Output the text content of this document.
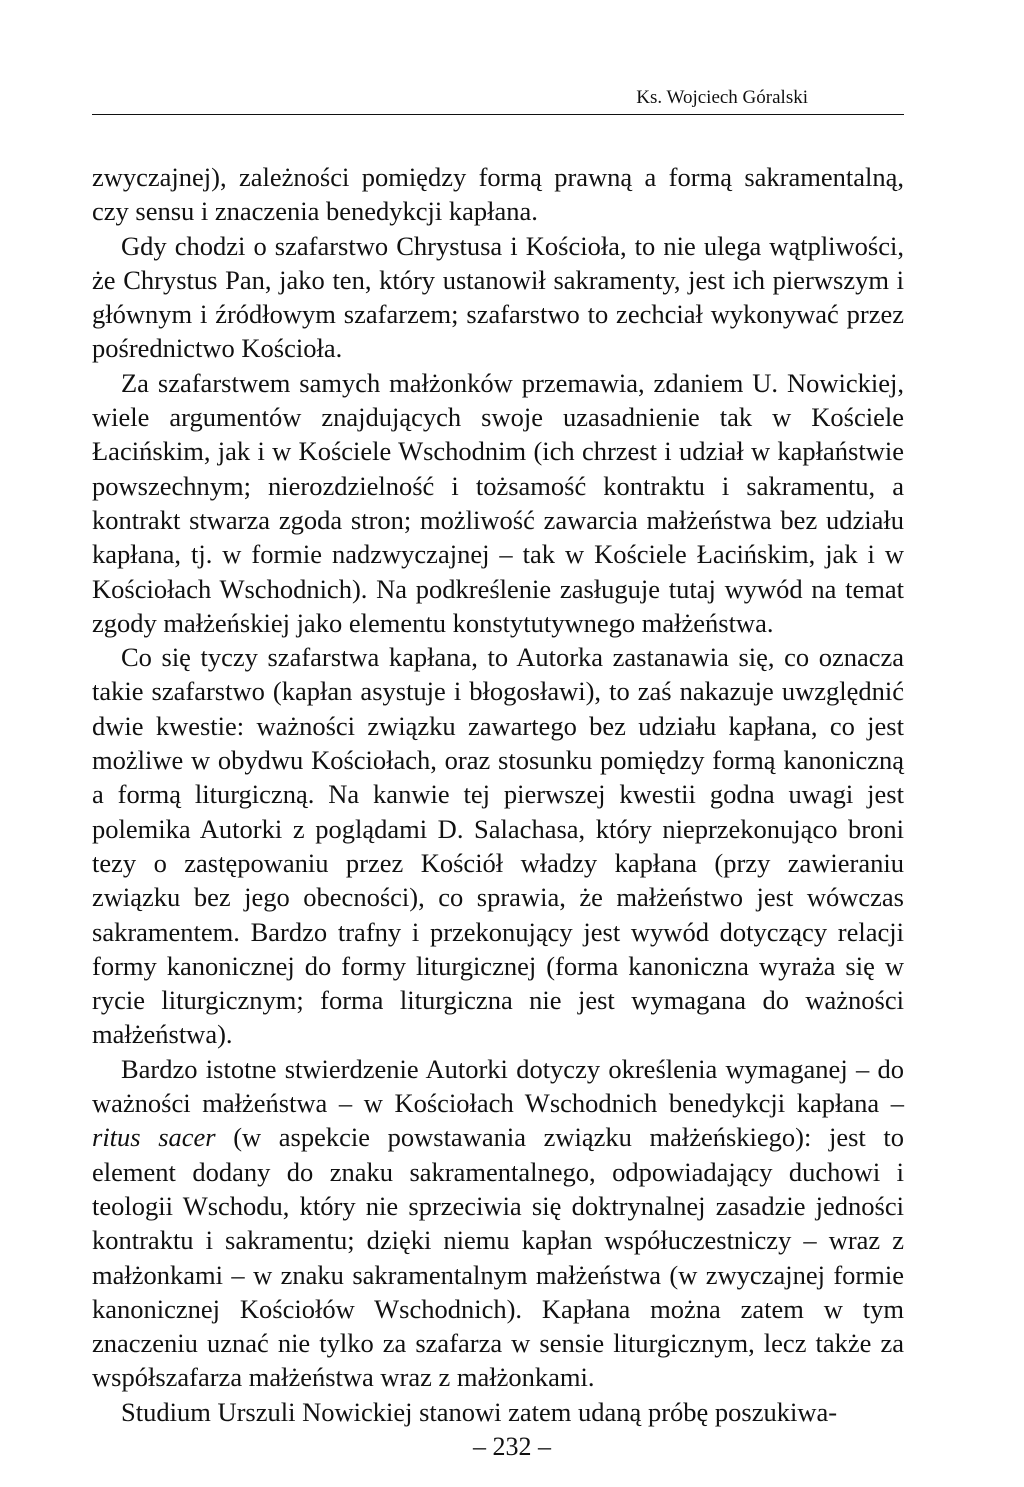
Ks. Wojciech Góralski

zwyczajnej), zależności pomiędzy formą prawną a formą sakramentalną, czy sensu i znaczenia benedykcji kapłana.

Gdy chodzi o szafarstwo Chrystusa i Kościoła, to nie ulega wątpliwości, że Chrystus Pan, jako ten, który ustanowił sakramenty, jest ich pierwszym i głównym i źródłowym szafarzem; szafarstwo to zechciał wykonywać przez pośrednictwo Kościoła.

Za szafarstwem samych małżonków przemawia, zdaniem U. Nowickiej, wiele argumentów znajdujących swoje uzasadnienie tak w Kościele Łacińskim, jak i w Kościele Wschodnim (ich chrzest i udział w kapłaństwie powszechnym; nierozdzielność i tożsamość kontraktu i sakramentu, a kontrakt stwarza zgoda stron; możliwość zawarcia małżeństwa bez udziału kapłana, tj. w formie nadzwyczajnej – tak w Kościele Łacińskim, jak i w Kościołach Wschodnich). Na podkreślenie zasługuje tutaj wywód na temat zgody małżeńskiej jako elementu konstytutywnego małżeństwa.

Co się tyczy szafarstwa kapłana, to Autorka zastanawia się, co oznacza takie szafarstwo (kapłan asystuje i błogosławi), to zaś nakazuje uwzględnić dwie kwestie: ważności związku zawartego bez udziału kapłana, co jest możliwe w obydwu Kościołach, oraz stosunku pomiędzy formą kanoniczną a formą liturgiczną. Na kanwie tej pierwszej kwestii godna uwagi jest polemika Autorki z poglądami D. Salachasa, który nieprzekonująco broni tezy o zastępowaniu przez Kościół władzy kapłana (przy zawieraniu związku bez jego obecności), co sprawia, że małżeństwo jest wówczas sakramentem. Bardzo trafny i przekonujący jest wywód dotyczący relacji formy kanonicznej do formy liturgicznej (forma kanoniczna wyraża się w rycie liturgicznym; forma liturgiczna nie jest wymagana do ważności małżeństwa).

Bardzo istotne stwierdzenie Autorki dotyczy określenia wymaganej – do ważności małżeństwa – w Kościołach Wschodnich benedykcji kapłana – ritus sacer (w aspekcie powstawania związku małżeńskiego): jest to element dodany do znaku sakramentalnego, odpowiadający duchowi i teologii Wschodu, który nie sprzeciwia się doktrynalnej zasadzie jedności kontraktu i sakramentu; dzięki niemu kapłan współuczestniczy – wraz z małżonkami – w znaku sakramentalnym małżeństwa (w zwyczajnej formie kanonicznej Kościołów Wschodnich). Kapłana można zatem w tym znaczeniu uznać nie tylko za szafarza w sensie liturgicznym, lecz także za współszafarza małżeństwa wraz z małżonkami.

Studium Urszuli Nowickiej stanowi zatem udaną próbę poszukiwa-

– 232 –
